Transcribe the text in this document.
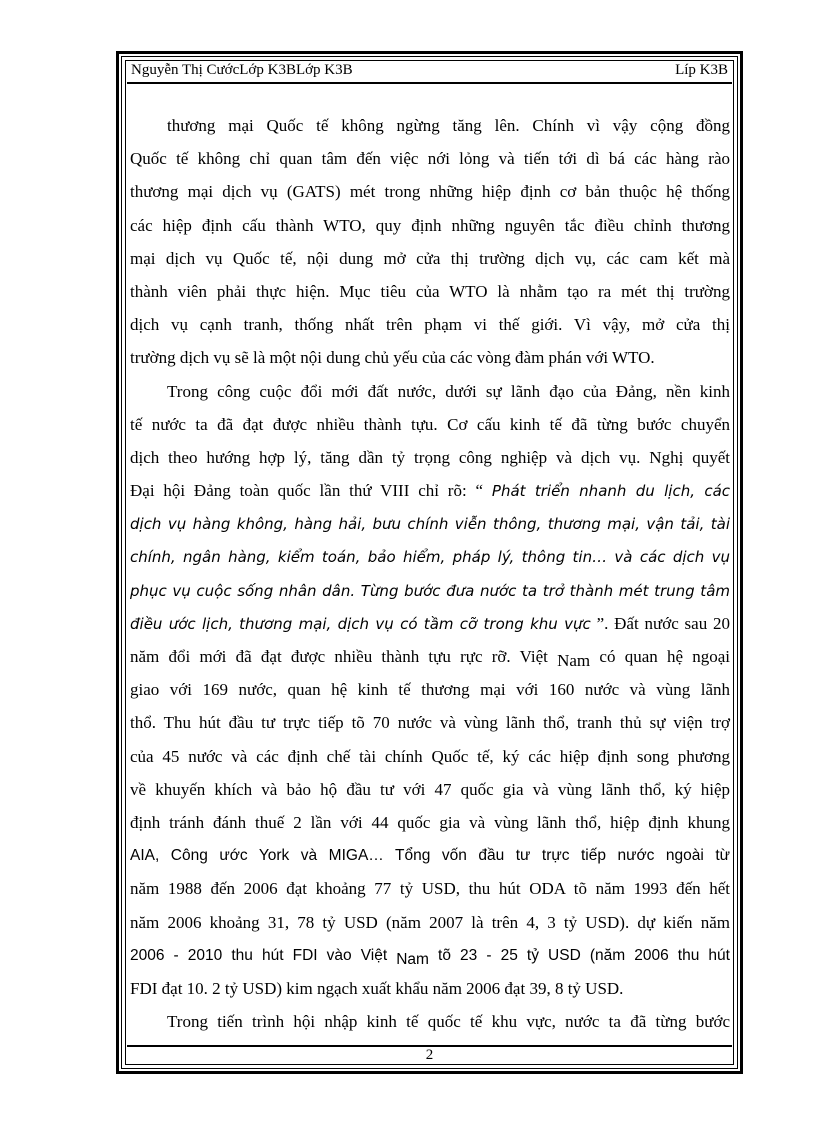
Nguyễn Thị CướcLớp K3BLớp K3B	Líp K3B
thương mại Quốc tế không ngừng tăng lên. Chính vì vậy cộng đồng
Quốc tế không chỉ quan tâm đến việc nới lỏng và tiến tới dì bá các hàng rào
thương mại dịch vụ (GATS) mét trong những hiệp định cơ bản thuộc hệ thống
các hiệp định cấu thành WTO, quy định những nguyên tắc điều chỉnh thương
mại dịch vụ Quốc tế, nội dung mở cửa thị trường dịch vụ, các cam kết mà
thành viên phải thực hiện. Mục tiêu của WTO là nhằm tạo ra mét thị trường
dịch vụ cạnh tranh, thống nhất trên phạm vi thế giới. Vì vậy, mở cửa thị
trường dịch vụ sẽ là một nội dung chủ yếu của các vòng đàm phán với WTO.
Trong công cuộc đổi mới đất nước, dưới sự lãnh đạo của Đảng, nền kinh
tế nước ta đã đạt được nhiều thành tựu. Cơ cấu kinh tế đã từng bước chuyển
dịch theo hướng hợp lý, tăng dần tỷ trọng công nghiệp và dịch vụ. Nghị quyết
Đại hội Đảng toàn quốc lần thứ VIII chỉ rõ: “ Phát triển nhanh du lịch, các
dịch vụ hàng không, hàng hải, bưu chính viễn thông, thương mại, vận tải, tài
chính, ngân hàng, kiểm toán, bảo hiểm, pháp lý, thông tin… và các dịch vụ
phục vụ cuộc sống nhân dân. Từng bước đưa nước ta trở thành mét trung tâm
điều ước lịch, thương mại, dịch vụ có tầm cỡ trong khu vực ”. Đất nước sau 20
năm đổi mới đã đạt được nhiều thành tựu rực rỡ. Việt Nam có quan hệ ngoại
giao với 169 nước, quan hệ kinh tế thương mại với 160 nước và vùng lãnh
thổ. Thu hút đầu tư trực tiếp tõ 70 nước và vùng lãnh thổ, tranh thủ sự viện trợ
của 45 nước và các định chế tài chính Quốc tế, ký các hiệp định song phương
về khuyến khích và bảo hộ đầu tư với 47 quốc gia và vùng lãnh thổ, ký hiệp
định tránh đánh thuế 2 lần với 44 quốc gia và vùng lãnh thổ, hiệp định khung
AIA, Công ước York và MIGA… Tổng vốn đầu tư trực tiếp nước ngoài từ
năm 1988 đến 2006 đạt khoảng 77 tỷ USD, thu hút ODA tõ năm 1993 đến hết
năm 2006 khoảng 31, 78 tỷ USD (năm 2007 là trên 4, 3 tỷ USD). dự kiến năm
2006 - 2010 thu hút FDI vào Việt Nam tõ 23 - 25 tỷ USD (năm 2006 thu hút
FDI đạt 10. 2 tỷ USD) kim ngạch xuất khẩu năm 2006 đạt 39, 8 tỷ USD.
Trong tiến trình hội nhập kinh tế quốc tế khu vực, nước ta đã từng bước
2
